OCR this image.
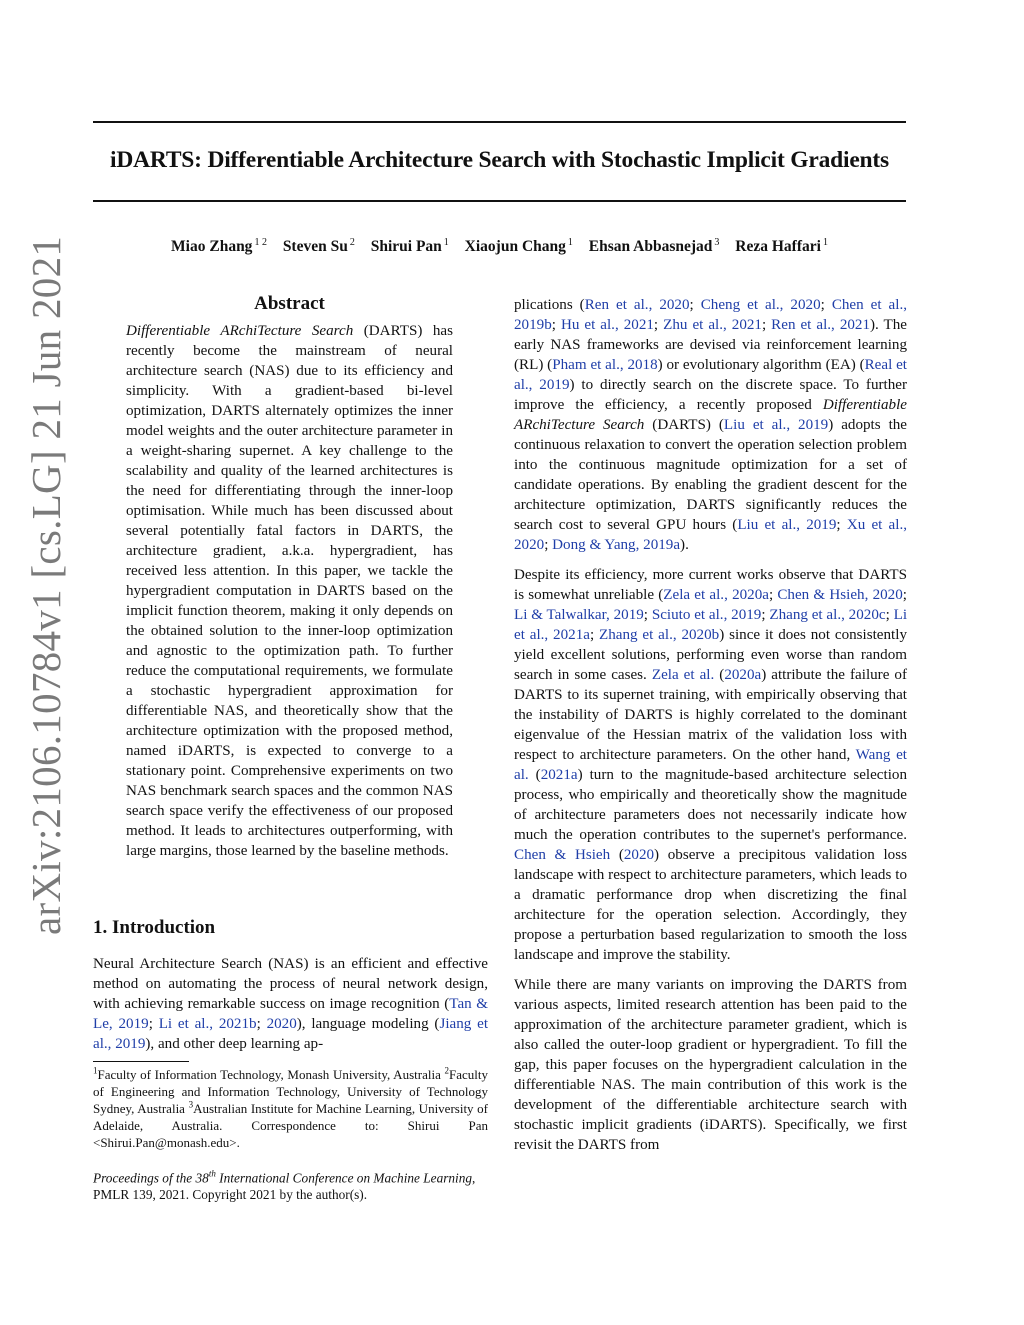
arXiv:2106.10784v1 [cs.LG] 21 Jun 2021
iDARTS: Differentiable Architecture Search with Stochastic Implicit Gradients
Miao Zhang $^{1 2}$ Steven Su $^2$ Shirui Pan $^1$ Xiaojun Chang $^1$ Ehsan Abbasnejad $^3$ Reza Haffari $^1$
Abstract

Differentiable ARchiTecture Search (DARTS) has recently become the mainstream of neural architecture search (NAS) due to its efficiency and simplicity. With a gradient-based bi-level optimization, DARTS alternately optimizes the inner model weights and the outer architecture parameter in a weight-sharing supernet. A key challenge to the scalability and quality of the learned architectures is the need for differentiating through the inner-loop optimisation. While much has been discussed about several potentially fatal factors in DARTS, the architecture gradient, a.k.a. hypergradient, has received less attention. In this paper, we tackle the hypergradient computation in DARTS based on the implicit function theorem, making it only depends on the obtained solution to the inner-loop optimization and agnostic to the optimization path. To further reduce the computational requirements, we formulate a stochastic hypergradient approximation for differentiable NAS, and theoretically show that the architecture optimization with the proposed method, named iDARTS, is expected to converge to a stationary point. Comprehensive experiments on two NAS benchmark search spaces and the common NAS search space verify the effectiveness of our proposed method. It leads to architectures outperforming, with large margins, those learned by the baseline methods.

1. Introduction

Neural Architecture Search (NAS) is an efficient and effective method on automating the process of neural network design, with achieving remarkable success on image recognition (Tan & Le, 2019; Li et al., 2021b; 2020), language modeling (Jiang et al., 2019), and other deep learning ap-

$^1$Faculty of Information Technology, Monash University, Australia $^2$Faculty of Engineering and Information Technology, University of Technology Sydney, Australia $^3$Australian Institute for Machine Learning, University of Adelaide, Australia. Correspondence to: Shirui Pan <Shirui.Pan@monash.edu>.
Proceedings of the 38th International Conference on Machine Learning, PMLR 139, 2021. Copyright 2021 by the author(s).

plications (Ren et al., 2020; Cheng et al., 2020; Chen et al., 2019b; Hu et al., 2021; Zhu et al., 2021; Ren et al., 2021). The early NAS frameworks are devised via reinforcement learning (RL) (Pham et al., 2018) or evolutionary algorithm (EA) (Real et al., 2019) to directly search on the discrete space. To further improve the efficiency, a recently proposed Differentiable ARchiTecture Search (DARTS) (Liu et al., 2019) adopts the continuous relaxation to convert the operation selection problem into the continuous magnitude optimization for a set of candidate operations. By enabling the gradient descent for the architecture optimization, DARTS significantly reduces the search cost to several GPU hours (Liu et al., 2019; Xu et al., 2020; Dong & Yang, 2019a).

Despite its efficiency, more current works observe that DARTS is somewhat unreliable (Zela et al., 2020a; Chen & Hsieh, 2020; Li & Talwalkar, 2019; Sciuto et al., 2019; Zhang et al., 2020c; Li et al., 2021a; Zhang et al., 2020b) since it does not consistently yield excellent solutions, performing even worse than random search in some cases. Zela et al. (2020a) attribute the failure of DARTS to its supernet training, with empirically observing that the instability of DARTS is highly correlated to the dominant eigenvalue of the Hessian matrix of the validation loss with respect to architecture parameters. On the other hand, Wang et al. (2021a) turn to the magnitude-based architecture selection process, who empirically and theoretically show the magnitude of architecture parameters does not necessarily indicate how much the operation contributes to the supernet's performance. Chen & Hsieh (2020) observe a precipitous validation loss landscape with respect to architecture parameters, which leads to a dramatic performance drop when discretizing the final architecture for the operation selection. Accordingly, they propose a perturbation based regularization to smooth the loss landscape and improve the stability.

While there are many variants on improving the DARTS from various aspects, limited research attention has been paid to the approximation of the architecture parameter gradient, which is also called the outer-loop gradient or hypergradient. To fill the gap, this paper focuses on the hypergradient calculation in the differentiable NAS. The main contribution of this work is the development of the differentiable architecture search with stochastic implicit gradients (iDARTS). Specifically, we first revisit the DARTS from
